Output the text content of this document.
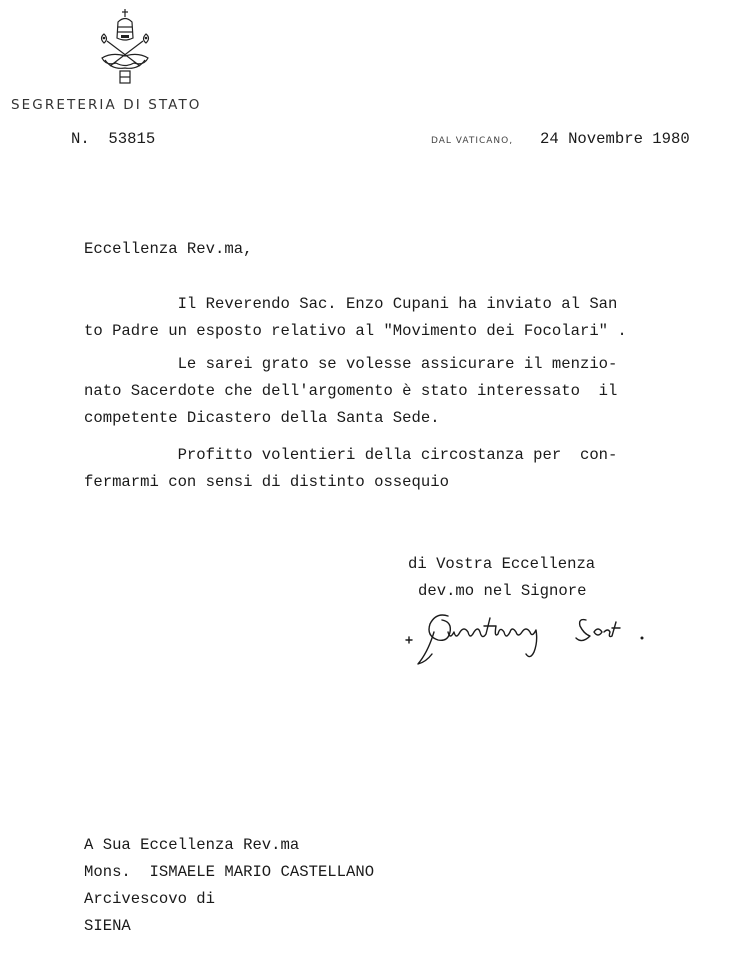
SEGRETERIA DI STATO
N.  53815	DAL VATICANO, 24 Novembre 1980
Eccellenza Rev.ma,
Il Reverendo Sac. Enzo Cupani ha inviato al San
to Padre un esposto relativo al "Movimento dei Focolari" .
Le sarei grato se volesse assicurare il menzio-
nato Sacerdote che dell'argomento è stato interessato  il
competente Dicastero della Santa Sede.
Profitto volentieri della circostanza per  con-
fermarmi con sensi di distinto ossequio
di Vostra Eccellenza
dev.mo nel Signore
A Sua Eccellenza Rev.ma
Mons.  ISMAELE MARIO CASTELLANO
Arcivescovo di
SIENA
